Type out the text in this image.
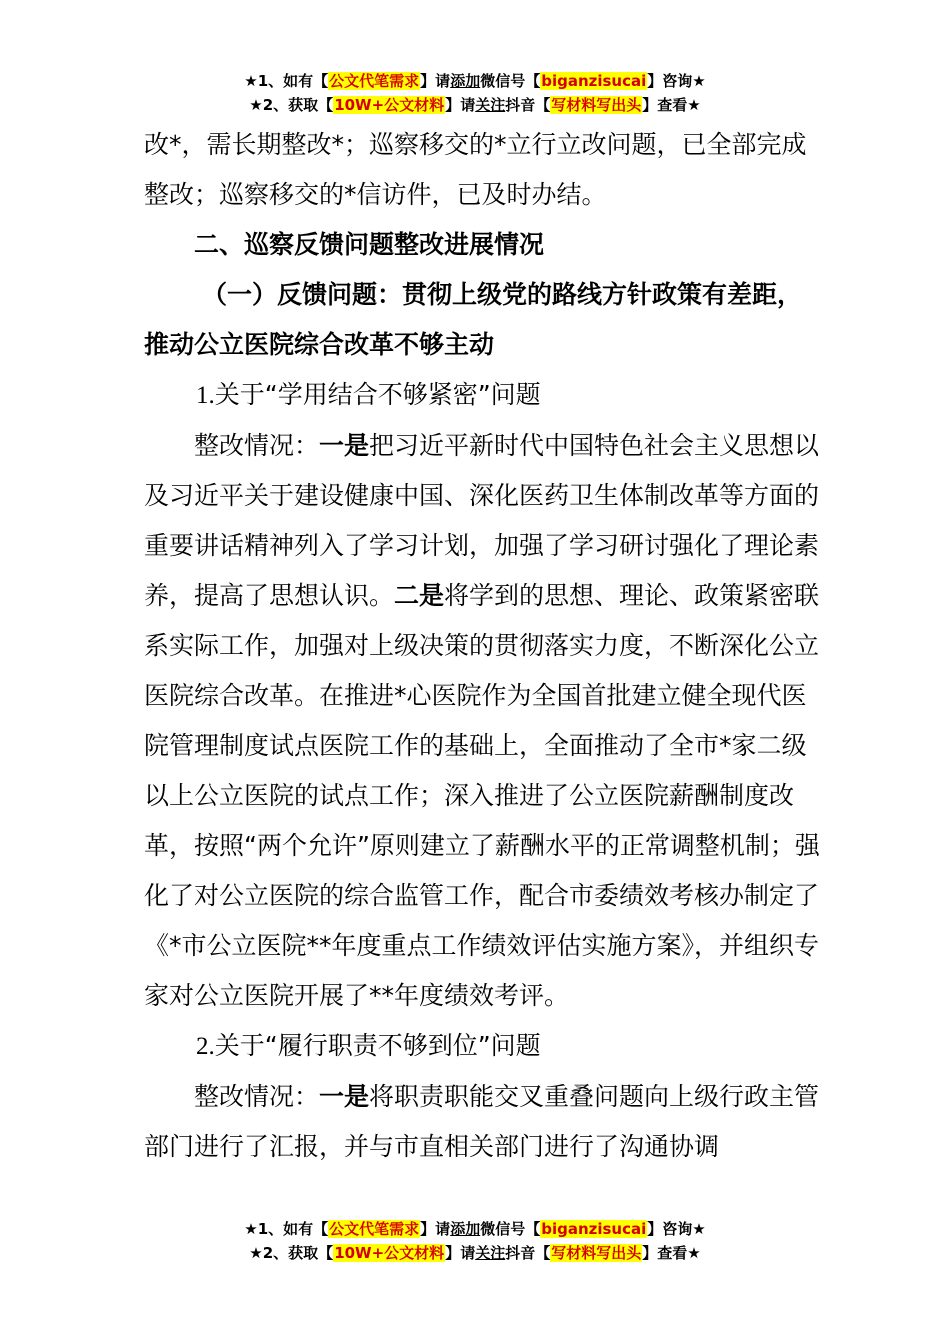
★1、如有【公文代笔需求】请添加微信号【biganzisucai】咨询★
★2、获取【10W+公文材料】请关注抖音【写材料写出头】查看★

改*，需长期整改*；巡察移交的*立行立改问题，已全部完成整改；巡察移交的*信访件，已及时办结。

二、巡察反馈问题整改进展情况

（一）反馈问题：贯彻上级党的路线方针政策有差距，推动公立医院综合改革不够主动

1.关于“学用结合不够紧密”问题

整改情况：一是把习近平新时代中国特色社会主义思想以及习近平关于建设健康中国、深化医药卫生体制改革等方面的重要讲话精神列入了学习计划，加强了学习研讨强化了理论素养，提高了思想认识。二是将学到的思想、理论、政策紧密联系实际工作，加强对上级决策的贯彻落实力度，不断深化公立医院综合改革。在推进*心医院作为全国首批建立健全现代医院管理制度试点医院工作的基础上，全面推动了全市*家二级以上公立医院的试点工作；深入推进了公立医院薪酬制度改革，按照“两个允许”原则建立了薪酬水平的正常调整机制；强化了对公立医院的综合监管工作，配合市委绩效考核办制定了《*市公立医院**年度重点工作绩效评估实施方案》，并组织专家对公立医院开展了**年度绩效考评。

2.关于“履行职责不够到位”问题

整改情况：一是将职责职能交叉重叠问题向上级行政主管部门进行了汇报，并与市直相关部门进行了沟通协调

★1、如有【公文代笔需求】请添加微信号【biganzisucai】咨询★
★2、获取【10W+公文材料】请关注抖音【写材料写出头】查看★
